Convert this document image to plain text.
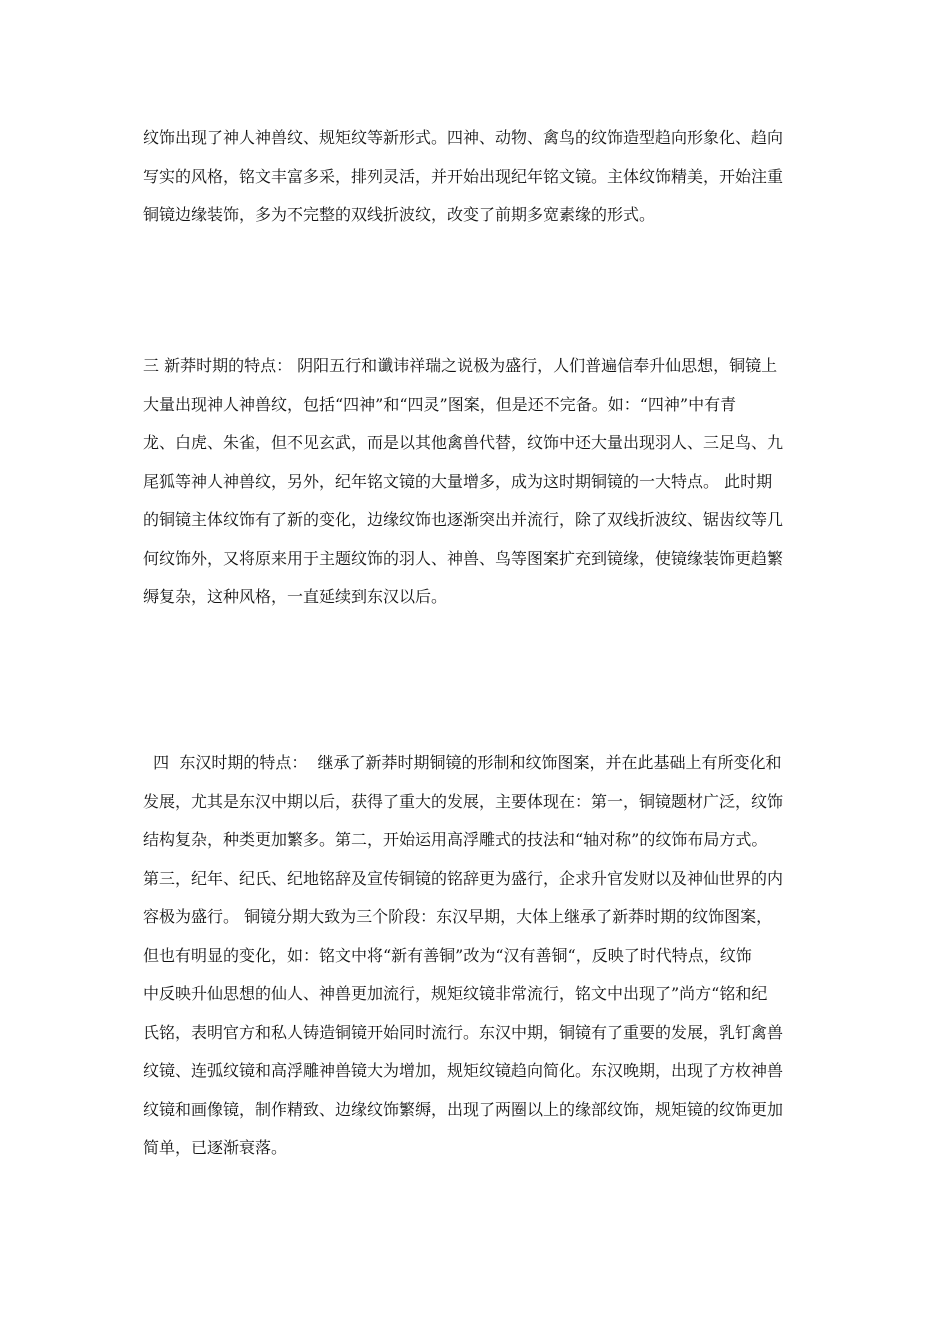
纹饰出现了神人神兽纹、规矩纹等新形式。四神、动物、禽鸟的纹饰造型趋向形象化、趋向
写实的风格，铭文丰富多采，排列灵活，并开始出现纪年铭文镜。主体纹饰精美，开始注重
铜镜边缘装饰，多为不完整的双线折波纹，改变了前期多宽素缘的形式。
三 新莽时期的特点： 阴阳五行和谶讳祥瑞之说极为盛行，人们普遍信奉升仙思想，铜镜上
大量出现神人神兽纹，包括“四神”和“四灵”图案，但是还不完备。如：“四神”中有青
龙、白虎、朱雀，但不见玄武，而是以其他禽兽代替，纹饰中还大量出现羽人、三足鸟、九
尾狐等神人神兽纹，另外，纪年铭文镜的大量增多，成为这时期铜镜的一大特点。 此时期
的铜镜主体纹饰有了新的变化，边缘纹饰也逐渐突出并流行，除了双线折波纹、锯齿纹等几
何纹饰外，又将原来用于主题纹饰的羽人、神兽、鸟等图案扩充到镜缘，使镜缘装饰更趋繁
缛复杂，这种风格，一直延续到东汉以后。
四  东汉时期的特点：  继承了新莽时期铜镜的形制和纹饰图案，并在此基础上有所变化和
发展，尤其是东汉中期以后，获得了重大的发展，主要体现在：第一，铜镜题材广泛，纹饰
结构复杂，种类更加繁多。第二，开始运用高浮雕式的技法和“轴对称”的纹饰布局方式。
第三，纪年、纪氏、纪地铭辞及宣传铜镜的铭辞更为盛行，企求升官发财以及神仙世界的内
容极为盛行。 铜镜分期大致为三个阶段：东汉早期，大体上继承了新莽时期的纹饰图案，
但也有明显的变化，如：铭文中将“新有善铜”改为“汉有善铜“，反映了时代特点，纹饰
中反映升仙思想的仙人、神兽更加流行，规矩纹镜非常流行，铭文中出现了”尚方“铭和纪
氏铭，表明官方和私人铸造铜镜开始同时流行。东汉中期，铜镜有了重要的发展，乳钉禽兽
纹镜、连弧纹镜和高浮雕神兽镜大为增加，规矩纹镜趋向简化。东汉晚期，出现了方枚神兽
纹镜和画像镜，制作精致、边缘纹饰繁缛，出现了两圈以上的缘部纹饰，规矩镜的纹饰更加
简单，已逐渐衰落。
